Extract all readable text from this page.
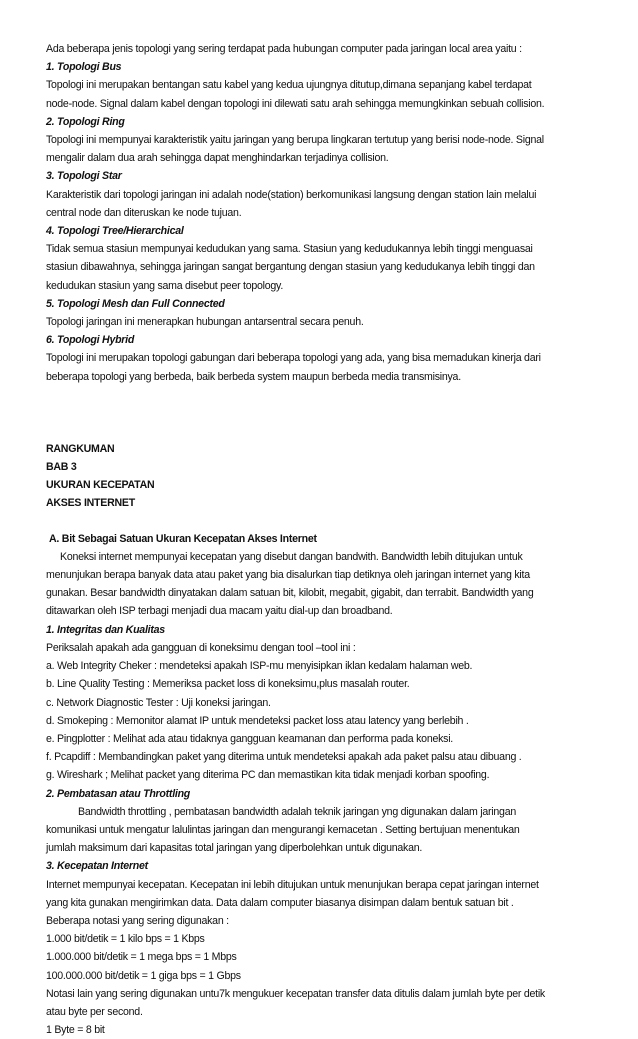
Ada beberapa jenis topologi yang sering terdapat pada hubungan computer pada jaringan local area yaitu :

1. Topologi Bus

Topologi ini merupakan bentangan satu kabel yang kedua ujungnya ditutup,dimana sepanjang kabel terdapat

node-node. Signal dalam kabel dengan topologi ini dilewati satu arah sehingga memungkinkan sebuah collision.

2. Topologi Ring

Topologi ini mempunyai karakteristik yaitu jaringan yang berupa lingkaran tertutup yang berisi node-node. Signal

mengalir dalam dua arah sehingga dapat menghindarkan terjadinya collision.

3. Topologi Star

Karakteristik dari topologi jaringan ini adalah node(station) berkomunikasi langsung dengan station lain melalui

central node dan diteruskan ke node tujuan.

4. Topologi Tree/Hierarchical

Tidak semua stasiun mempunyai kedudukan yang sama. Stasiun yang kedudukannya lebih tinggi menguasai

stasiun dibawahnya, sehingga jaringan sangat bergantung dengan stasiun yang kedudukanya lebih tinggi dan

kedudukan stasiun yang sama disebut peer topology.

5. Topologi Mesh dan Full Connected

Topologi jaringan ini menerapkan hubungan antarsentral secara penuh.

6. Topologi Hybrid

Topologi ini merupakan topologi gabungan dari beberapa topologi yang ada, yang bisa memadukan kinerja dari

beberapa topologi yang berbeda, baik berbeda system maupun berbeda media transmisinya.

RANGKUMAN

BAB 3

UKURAN KECEPATAN

AKSES INTERNET

A. Bit Sebagai Satuan Ukuran Kecepatan Akses Internet

Koneksi internet mempunyai kecepatan yang disebut dangan bandwith. Bandwidth lebih ditujukan untuk

menunjukan berapa banyak data atau paket yang bia disalurkan tiap detiknya oleh jaringan internet yang kita

gunakan. Besar bandwidth dinyatakan dalam satuan bit, kilobit, megabit, gigabit, dan terrabit. Bandwidth yang

ditawarkan oleh ISP terbagi menjadi dua macam yaitu dial-up dan broadband.

1. Integritas dan Kualitas

Periksalah apakah ada gangguan di koneksimu dengan tool –tool ini :

a. Web Integrity Cheker : mendeteksi apakah ISP-mu menyisipkan iklan kedalam halaman web.

b. Line Quality Testing : Memeriksa packet loss di koneksimu,plus masalah router.

c. Network Diagnostic Tester : Uji koneksi jaringan.

d. Smokeping : Memonitor alamat IP untuk mendeteksi packet loss atau latency yang berlebih .

e. Pingplotter : Melihat ada atau tidaknya gangguan keamanan dan performa pada koneksi.

f. Pcapdiff : Membandingkan paket yang diterima untuk mendeteksi apakah ada paket palsu atau dibuang .

g. Wireshark ; Melihat packet yang diterima PC dan memastikan kita tidak menjadi korban spoofing.

2. Pembatasan atau Throttling

Bandwidth throttling , pembatasan bandwidth adalah teknik jaringan yng digunakan dalam jaringan

komunikasi untuk mengatur lalulintas jaringan dan mengurangi kemacetan . Setting bertujuan menentukan

jumlah maksimum dari kapasitas total jaringan yang diperbolehkan untuk digunakan.

3. Kecepatan Internet

Internet mempunyai kecepatan. Kecepatan ini lebih ditujukan untuk menunjukan berapa cepat jaringan internet

yang kita gunakan mengirimkan data. Data dalam computer biasanya disimpan dalam bentuk satuan bit .

Beberapa notasi yang sering digunakan :

1.000 bit/detik = 1 kilo bps = 1 Kbps

1.000.000 bit/detik = 1 mega bps = 1 Mbps

100.000.000 bit/detik = 1 giga bps = 1 Gbps

Notasi lain yang sering digunakan untu7k mengukuer kecepatan transfer data ditulis dalam jumlah byte per detik

atau byte per second.

1 Byte = 8 bit
